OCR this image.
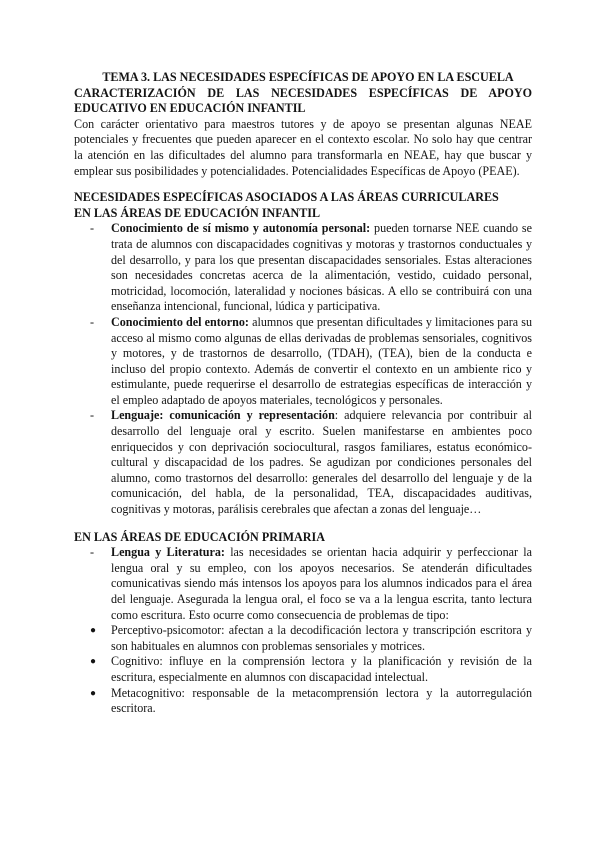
TEMA 3. LAS NECESIDADES ESPECÍFICAS DE APOYO EN LA ESCUELA
CARACTERIZACIÓN DE LAS NECESIDADES ESPECÍFICAS DE APOYO
EDUCATIVO EN EDUCACIÓN INFANTIL

Con carácter orientativo para maestros tutores y de apoyo se presentan algunas NEAE potenciales y frecuentes que pueden aparecer en el contexto escolar. No solo hay que centrar la atención en las dificultades del alumno para transformarla en NEAE, hay que buscar y emplear sus posibilidades y potencialidades. Potencialidades Específicas de Apoyo (PEAE).

NECESIDADES ESPECÍFICAS ASOCIADOS A LAS ÁREAS CURRICULARES
EN LAS ÁREAS DE EDUCACIÓN INFANTIL

- Conocimiento de sí mismo y autonomía personal: pueden tornarse NEE cuando se trata de alumnos con discapacidades cognitivas y motoras y trastornos conductuales y del desarrollo, y para los que presentan discapacidades sensoriales. Estas alteraciones son necesidades concretas acerca de la alimentación, vestido, cuidado personal, motricidad, locomoción, lateralidad y nociones básicas. A ello se contribuirá con una enseñanza intencional, funcional, lúdica y participativa.

- Conocimiento del entorno: alumnos que presentan dificultades y limitaciones para su acceso al mismo como algunas de ellas derivadas de problemas sensoriales, cognitivos y motores, y de trastornos de desarrollo, (TDAH), (TEA), bien de la conducta e incluso del propio contexto. Además de convertir el contexto en un ambiente rico y estimulante, puede requerirse el desarrollo de estrategias específicas de interacción y el empleo adaptado de apoyos materiales, tecnológicos y personales.

- Lenguaje: comunicación y representación: adquiere relevancia por contribuir al desarrollo del lenguaje oral y escrito. Suelen manifestarse en ambientes poco enriquecidos y con deprivación sociocultural, rasgos familiares, estatus económico-cultural y discapacidad de los padres. Se agudizan por condiciones personales del alumno, como trastornos del desarrollo: generales del desarrollo del lenguaje y de la comunicación, del habla, de la personalidad, TEA, discapacidades auditivas, cognitivas y motoras, parálisis cerebrales que afectan a zonas del lenguaje…

EN LAS ÁREAS DE EDUCACIÓN PRIMARIA

- Lengua y Literatura: las necesidades se orientan hacia adquirir y perfeccionar la lengua oral y su empleo, con los apoyos necesarios. Se atenderán dificultades comunicativas siendo más intensos los apoyos para los alumnos indicados para el área del lenguaje. Asegurada la lengua oral, el foco se va a la lengua escrita, tanto lectura como escritura. Esto ocurre como consecuencia de problemas de tipo:

● Perceptivo-psicomotor: afectan a la decodificación lectora y transcripción escritora y son habituales en alumnos con problemas sensoriales y motrices.

● Cognitivo: influye en la comprensión lectora y la planificación y revisión de la escritura, especialmente en alumnos con discapacidad intelectual.

● Metacognitivo: responsable de la metacomprensión lectora y la autorregulación escritora.
